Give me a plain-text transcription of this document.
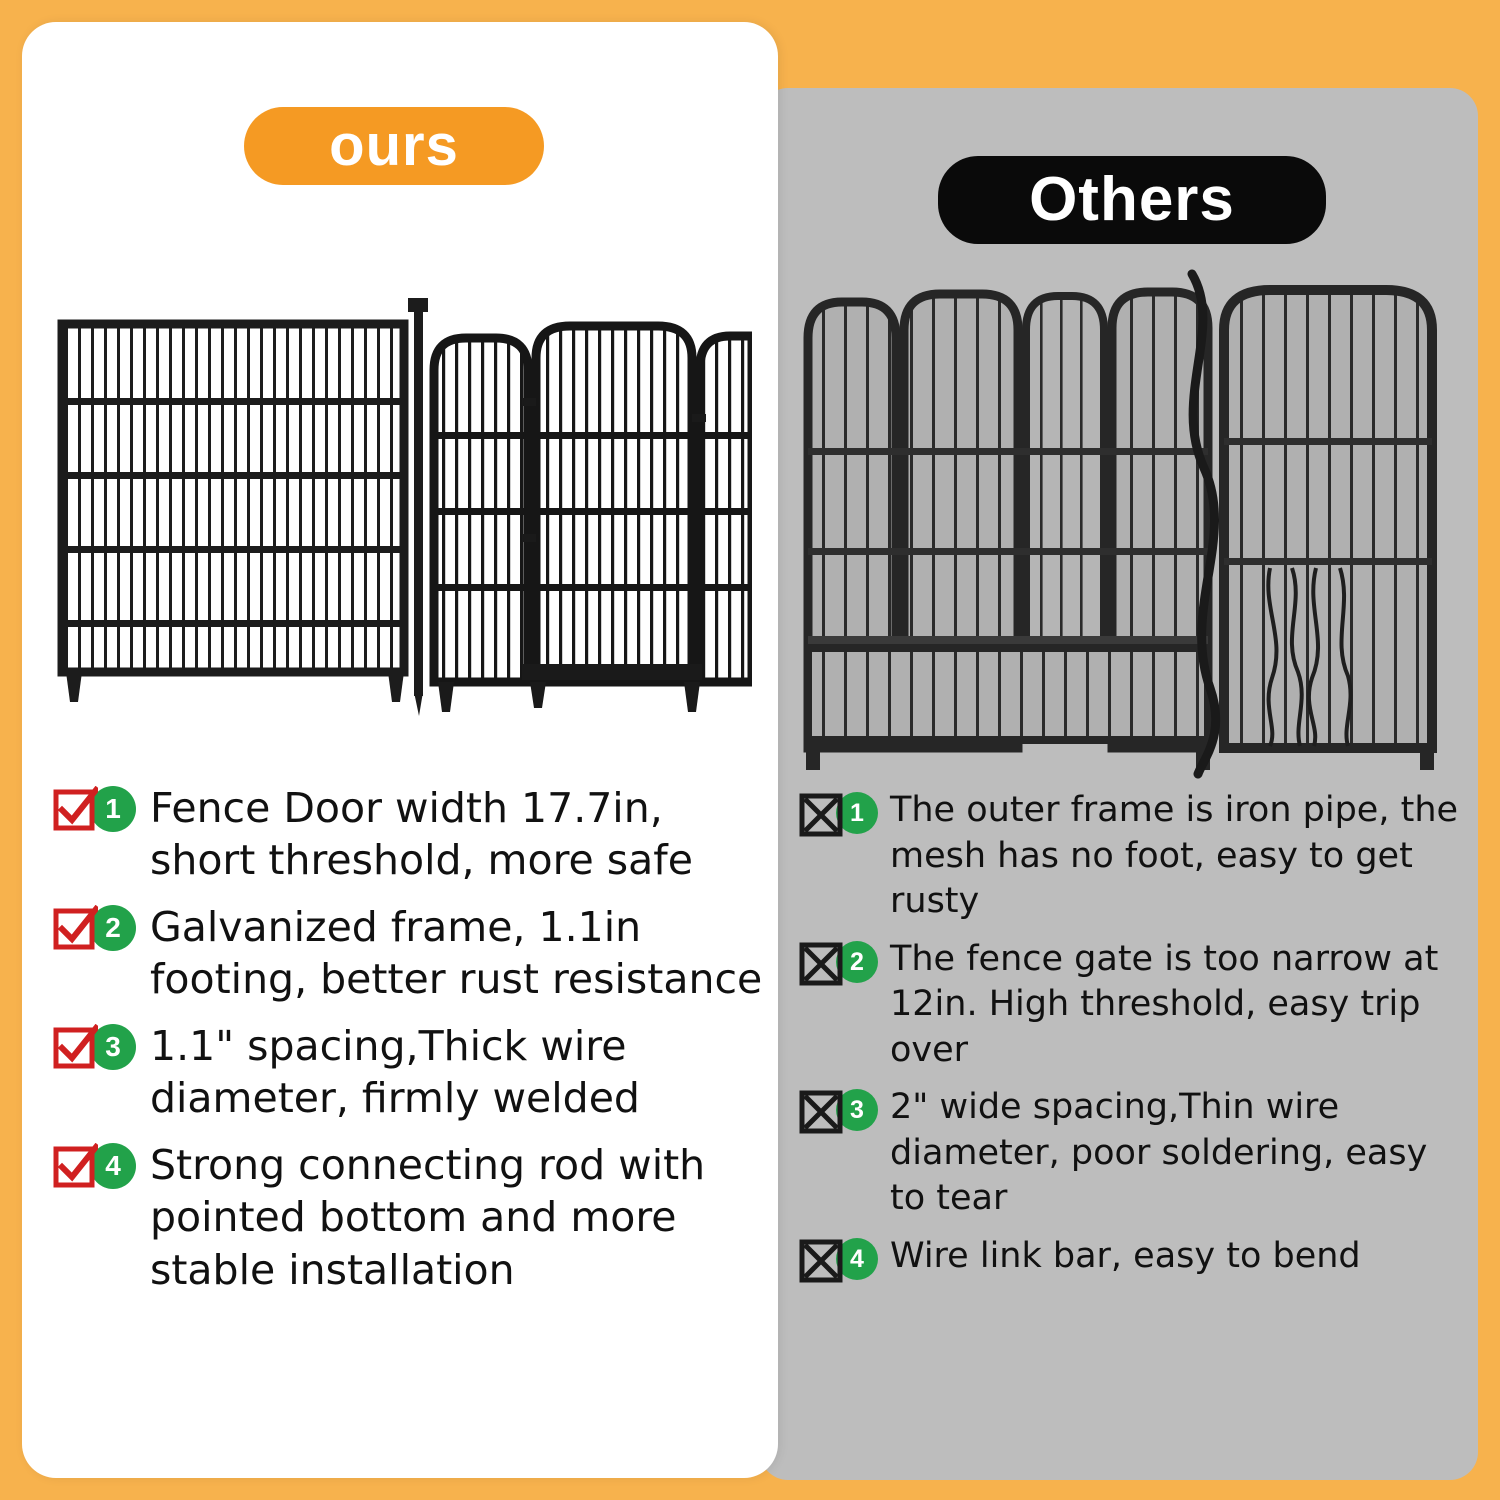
Others
1 The outer frame is iron pipe, the mesh has no foot, easy to get rusty
2 The fence gate is too narrow at 12in. High threshold, easy trip over
3 2" wide spacing,Thin wire diameter, poor soldering, easy to tear
4 Wire link bar, easy to bend
ours
1 Fence Door width 17.7in, short threshold, more safe
2 Galvanized frame, 1.1in footing, better rust resistance
3 1.1" spacing,Thick wire diameter, firmly welded
4 Strong connecting rod with pointed bottom and more stable installation
